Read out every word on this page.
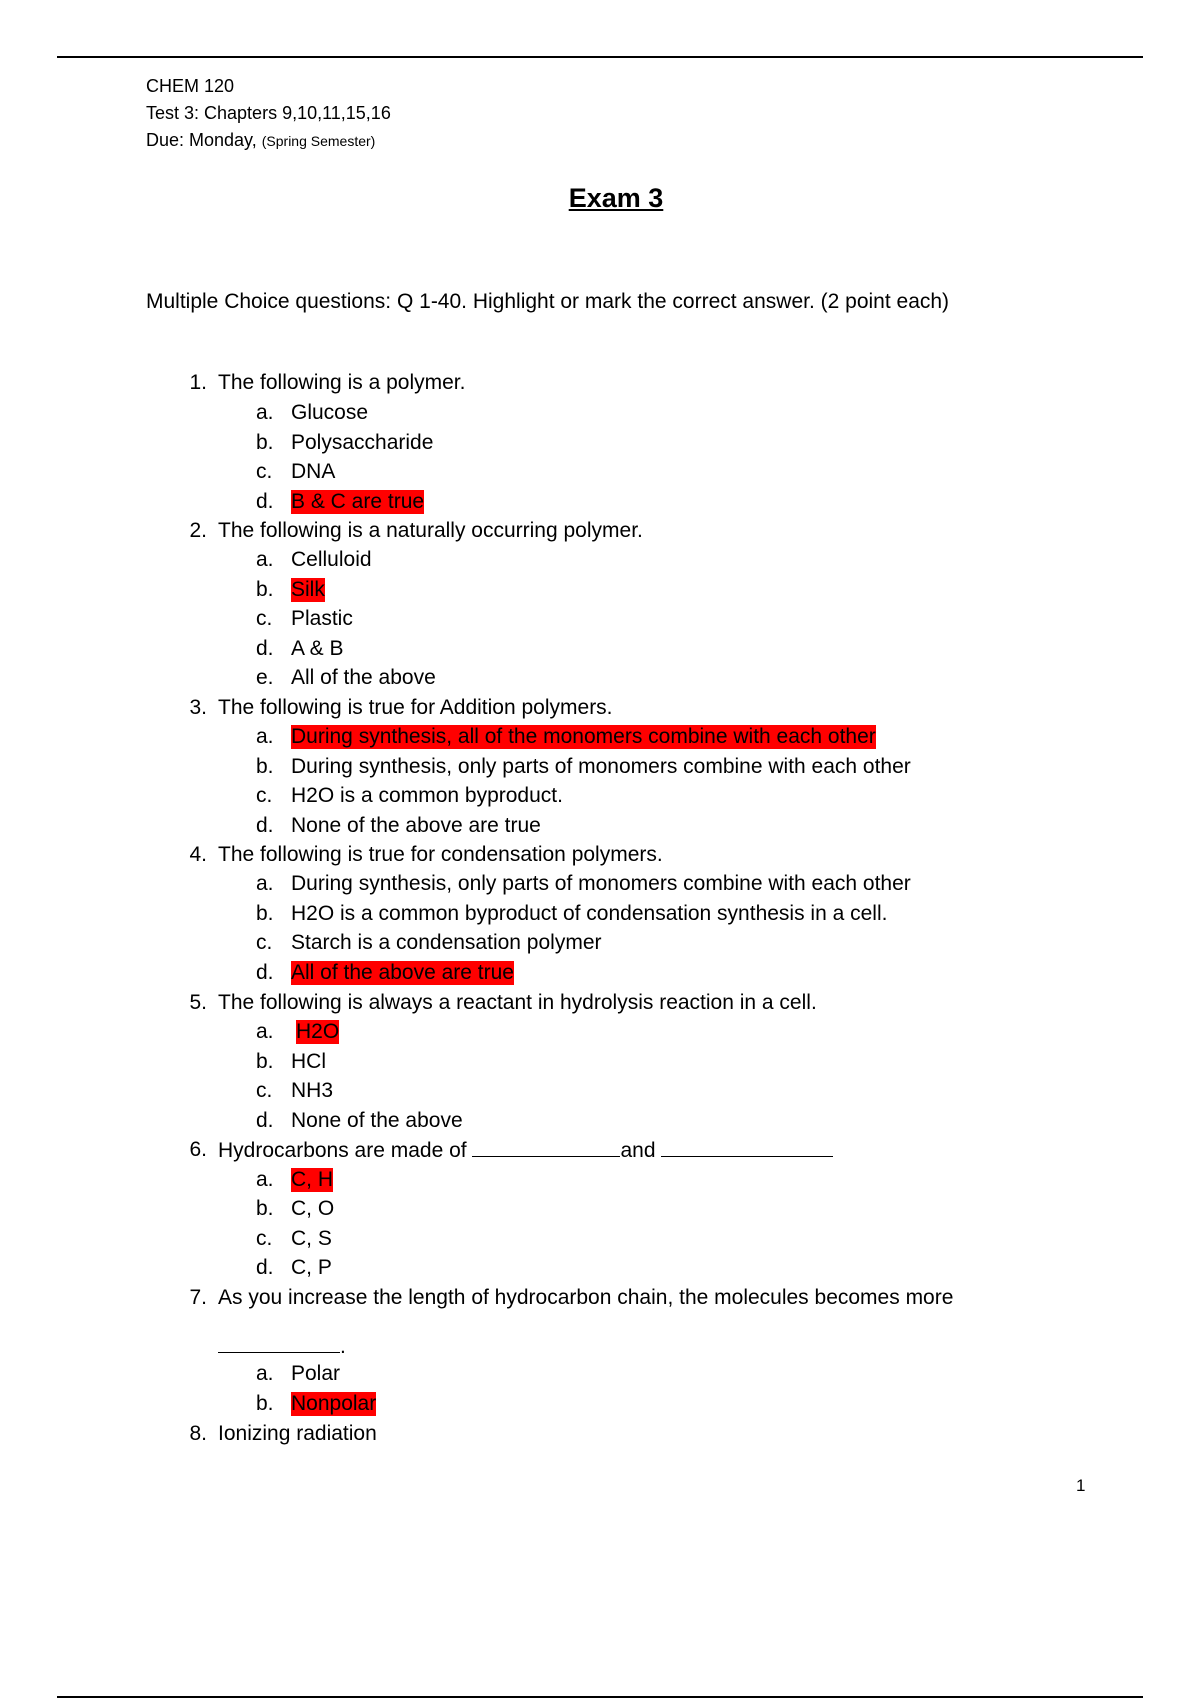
CHEM 120
Test 3: Chapters 9,10,11,15,16
Due: Monday, (Spring Semester)
Exam 3
Multiple Choice questions: Q 1-40. Highlight or mark the correct answer. (2 point each)
1. The following is a polymer.
a. Glucose
b. Polysaccharide
c. DNA
d. B & C are true
2. The following is a naturally occurring polymer.
a. Celluloid
b. Silk
c. Plastic
d. A & B
e. All of the above
3. The following is true for Addition polymers.
a. During synthesis, all of the monomers combine with each other
b. During synthesis, only parts of monomers combine with each other
c. H2O is a common byproduct.
d. None of the above are true
4. The following is true for condensation polymers.
a. During synthesis, only parts of monomers combine with each other
b. H2O is a common byproduct of condensation synthesis in a cell.
c. Starch is a condensation polymer
d. All of the above are true
5. The following is always a reactant in hydrolysis reaction in a cell.
a. H2O
b. HCl
c. NH3
d. None of the above
6. Hydrocarbons are made of	and
a. C, H
b. C, O
c. C, S
d. C, P
7. As you increase the length of hydrocarbon chain, the molecules becomes more
.
a. Polar
b. Nonpolar
8. Ionizing radiation
1
